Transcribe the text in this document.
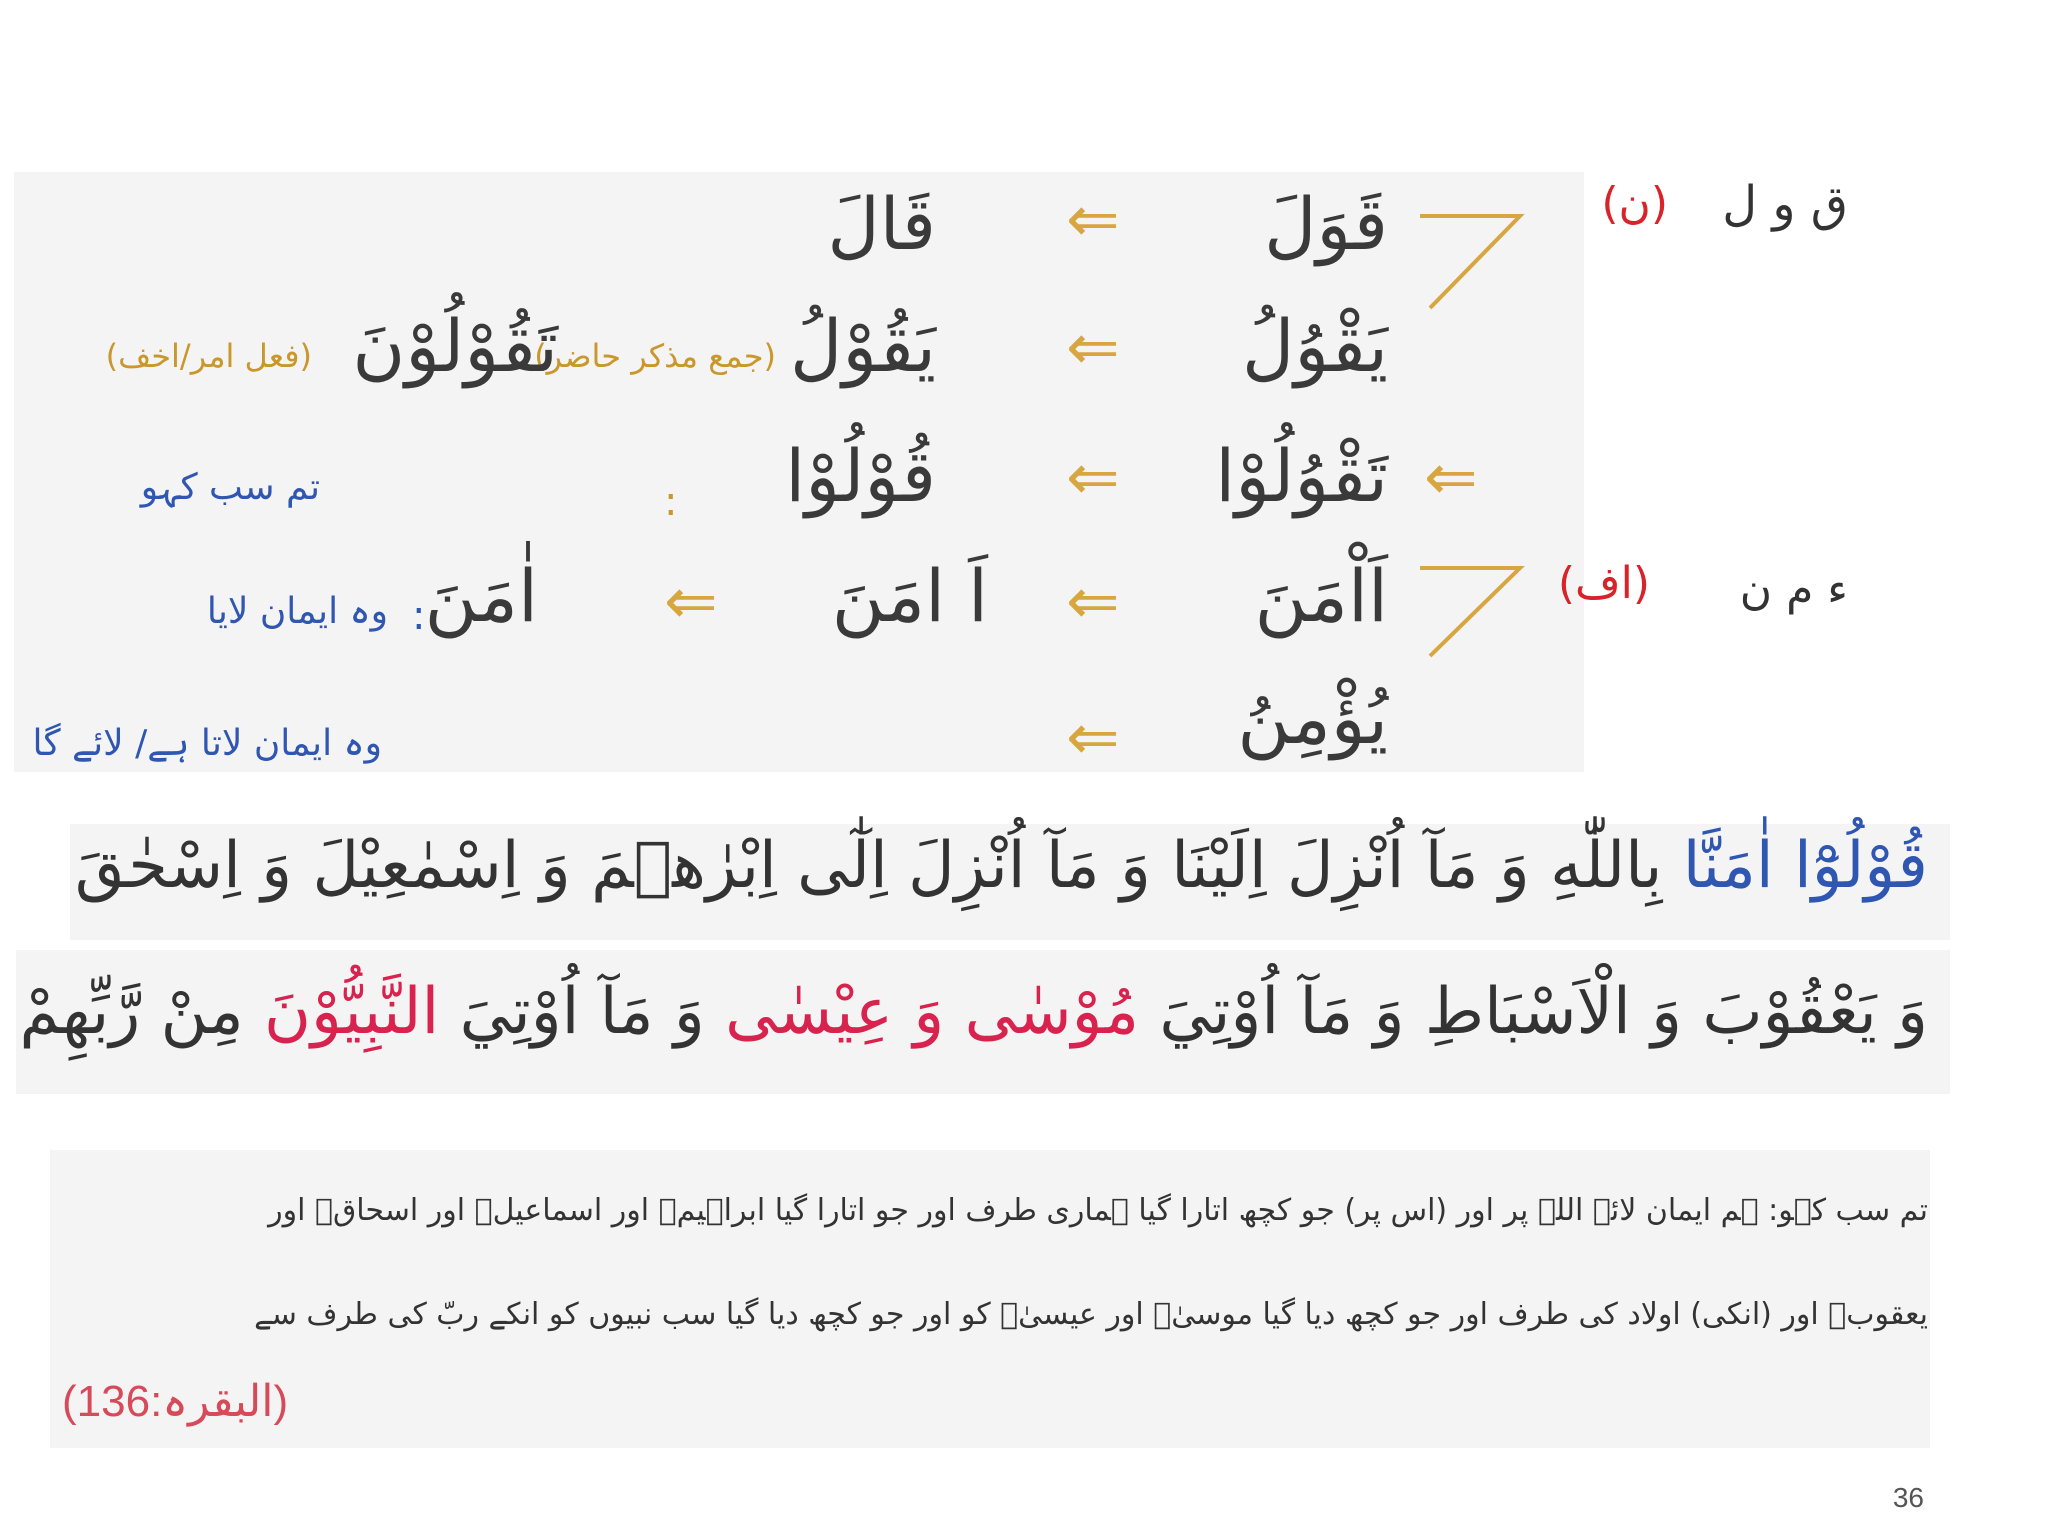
ق و ل
(ن)
ء م ن
(اف)
قَوَلَ
⇐
قَالَ
يَقْوُلُ
⇐
يَقُوْلُ
(جمع مذکر حاضر)
تَقُوْلُوْنَ
(فعل امر/اخف)
⇐
تَقْوُلُوْا
⇐
قُوْلُوْا
:
تم سب کہو
اَاْمَنَ
⇐
اَ امَنَ
⇐
اٰمَنَ
:
وہ ایمان لایا
يُؤْمِنُ
⇐
وہ ایمان لاتا ہے/ لائے گا
قُوْلُوْٓا اٰمَنَّا بِاللّٰهِ وَ مَآ اُنْزِلَ اِلَيْنَا وَ مَآ اُنْزِلَ اِلٰٓى اِبْرٰهٖمَ وَ اِسْمٰعِيْلَ وَ اِسْحٰقَ
وَ يَعْقُوْبَ وَ الْاَسْبَاطِ وَ مَآ اُوْتِيَ مُوْسٰى وَ عِيْسٰى وَ مَآ اُوْتِيَ النَّبِيُّوْنَ مِنْ رَّبِّهِمْ
تم سب کہو: ہم ایمان لائے اللہ پر اور (اس پر) جو کچھ اتارا گیا ہماری طرف اور جو اتارا گیا ابراہیمؑ اور اسماعیلؑ اور اسحاقؑ اور
یعقوبؑ اور (انکی) اولاد کی طرف اور جو کچھ دیا گیا موسیٰؑ اور عیسیٰؑ کو اور جو کچھ دیا گیا سب نبیوں کو انکے ربّ کی طرف سے
(البقرہ:136)
36
